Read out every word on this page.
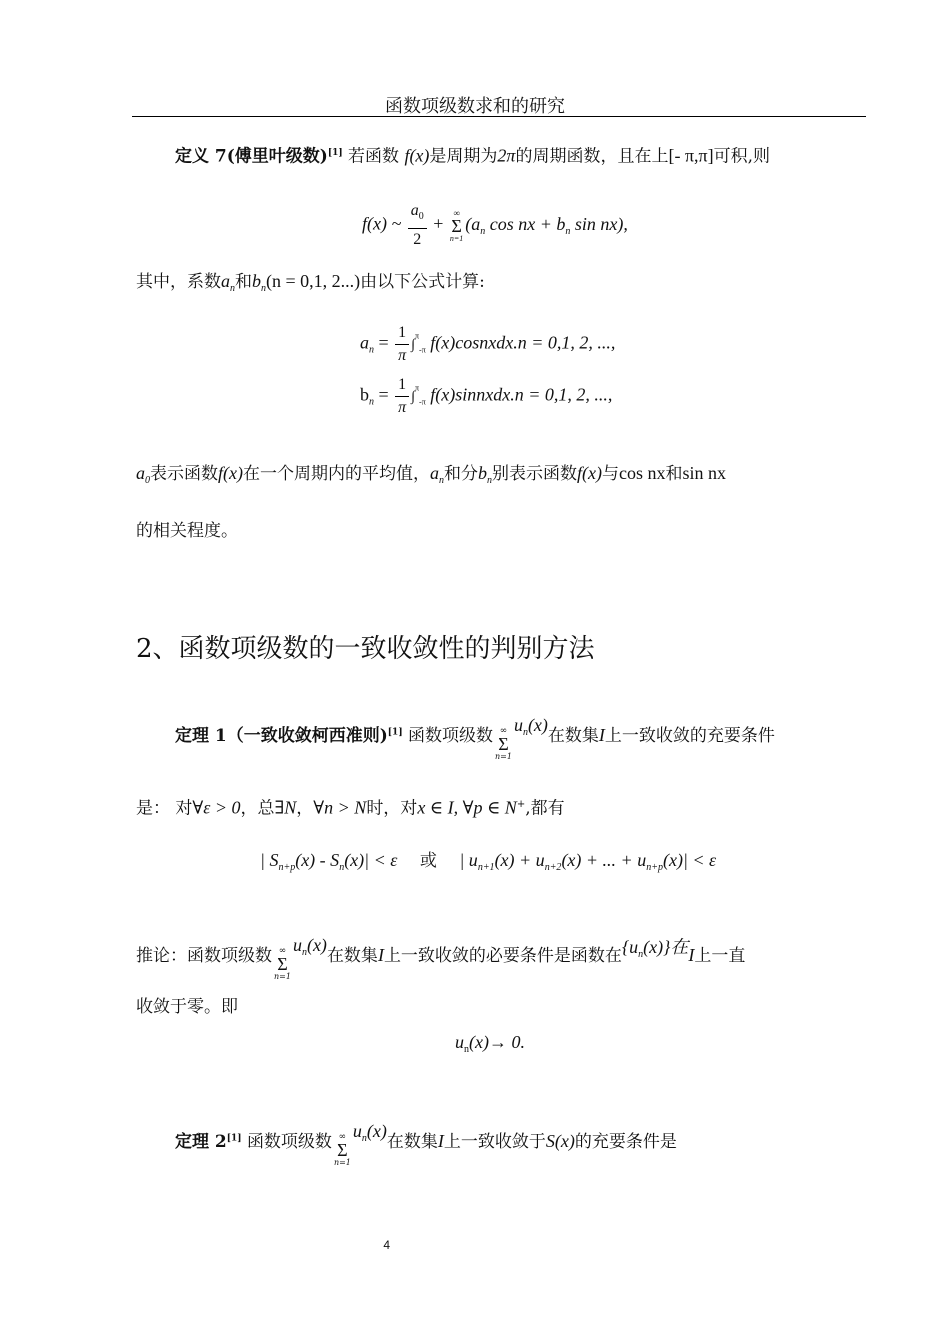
函数项级数求和的研究
定义 7(傅里叶级数)[1] 若函数 f(x)是周期为2π的周期函数，且在上[- π,π]可积,则
f(x) ~ $\frac{a_0}{2}$ +
∞
Σ
n=1
($a_n$ cos nx + $b_n$ sin nx),
其中，系数$a_n$和$b_n(n = 0,1$, 2...)由以下公式计算:
$a_n = \frac{1}{\pi} \int^\pi_{-\pi}$ f(x)cosnxdx.n = 0,1, 2, ...,
$b_n = \frac{1}{\pi} \int^\pi_{-\pi}$ f(x)sinnxdx.n = 0,1, 2, ...,
$a_0$表示函数f(x)在一个周期内的平均值，$a_n$和分$b_n$别表示函数f(x)与cos nx和sin nx
的相关程度。
2、函数项级数的一致收敛性的判别方法
定理 1（一致收敛柯西准则)[1] 函数项级数 ∞
Σ
n=1
$u_n(x)$在数集I上一致收敛的充要条件
是： 对∀ε > 0，总∃N，∀n > N时，对x ∈ I, ∀p ∈ N+,都有
| $S_{n+p}(x) - S_n(x)| < \varepsilon$ 或 | $u_{n+1}(x) + u_{n+2}(x)$ + ... + $u_{n+p}(x)| < \varepsilon$
推论：函数项级数 ∞
Σ
n=1
$u_n(x)$在数集I上一致收敛的必要条件是函数在$\{u_n(x)\}$在I上一直
收敛于零。即
$u_n(x)\to 0$.
定理 2[1] 函数项级数 ∞
Σ
n=1
$u_n(x)$在数集I上一致收敛于S(x)的充要条件是
4
